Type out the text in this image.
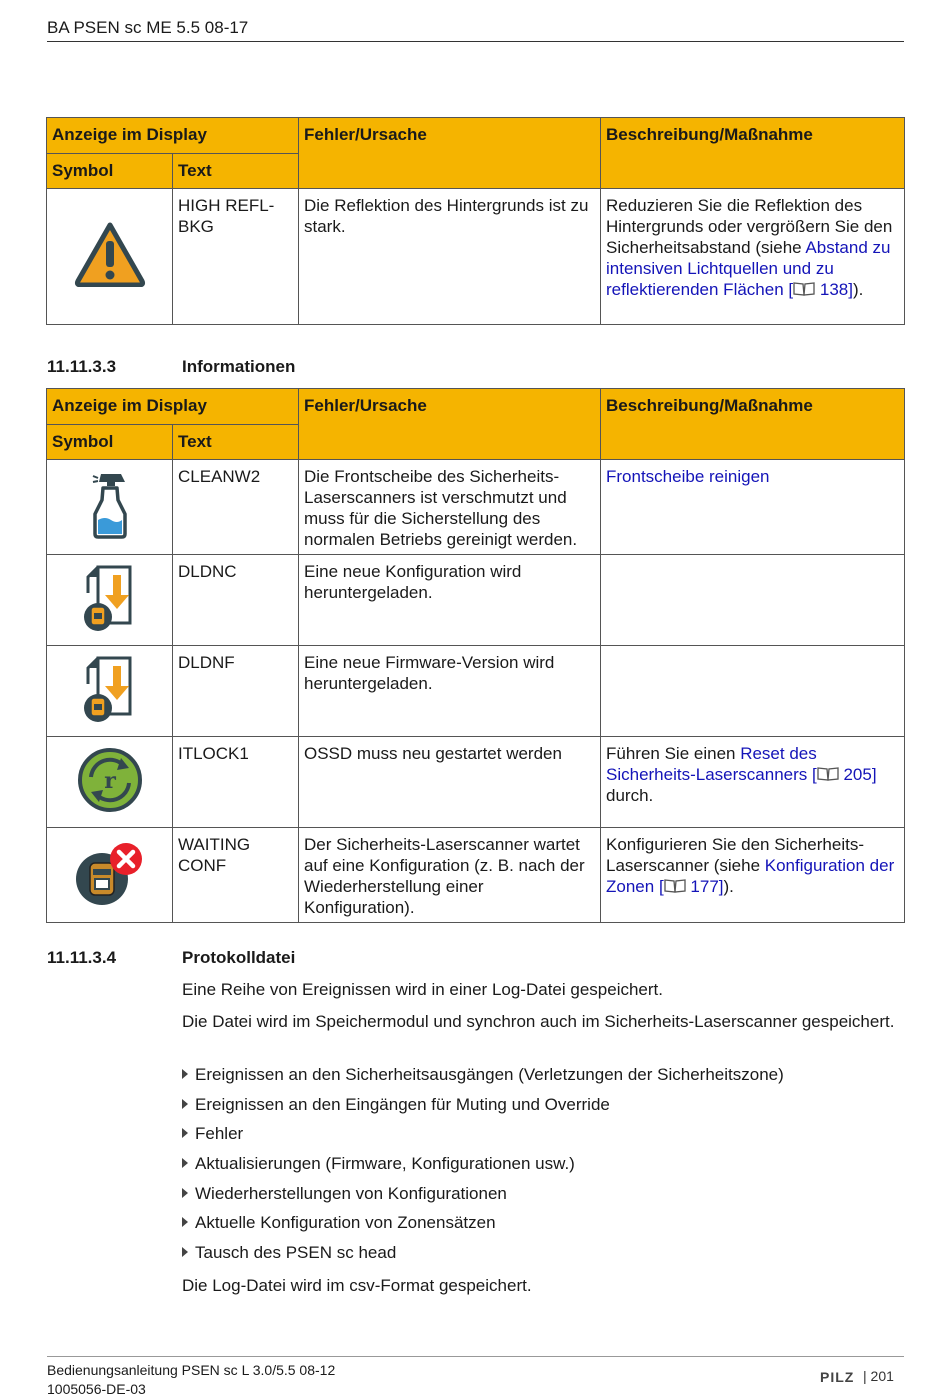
BA PSEN sc ME 5.5 08-17
Anzeige im Display		Fehler/Ursache	Beschreibung/Maßnahme
Symbol	Text		
	HIGH REFL-BKG	Die Reflektion des Hintergrunds ist zu stark.	Reduzieren Sie die Reflektion des Hintergrunds oder vergrößern Sie den Sicherheitsabstand (siehe Abstand zu intensiven Lichtquellen und zu reflektierenden Flächen [ 138]).
11.11.3.3	Informationen
Anzeige im Display		Fehler/Ursache	Beschreibung/Maßnahme
Symbol	Text		
	CLEANW2	Die Frontscheibe des Sicherheits-Laserscanners ist verschmutzt und muss für die Sicherstellung des normalen Betriebs gereinigt werden.	Frontscheibe reinigen
	DLDNC	Eine neue Konfiguration wird heruntergeladen.	
	DLDNF	Eine neue Firmware-Version wird heruntergeladen.	

r	ITLOCK1	OSSD muss neu gestartet werden	Führen Sie einen Reset des Sicherheits-Laserscanners [ 205] durch.
	WAITING CONF	Der Sicherheits-Laserscanner wartet auf eine Konfiguration (z. B. nach der Wiederherstellung einer Konfiguration).	Konfigurieren Sie den Sicherheits-Laserscanner (siehe Konfiguration der Zonen [ 177]).
11.11.3.4	Protokolldatei
Eine Reihe von Ereignissen wird in einer Log-Datei gespeichert.
Die Datei wird im Speichermodul und synchron auch im Sicherheits-Laserscanner gespeichert.
Ereignissen an den Sicherheitsausgängen (Verletzungen der Sicherheitszone)
Ereignissen an den Eingängen für Muting und Override
Fehler
Aktualisierungen (Firmware, Konfigurationen usw.)
Wiederherstellungen von Konfigurationen
Aktuelle Konfiguration von Zonensätzen
Tausch des PSEN sc head
Die Log-Datei wird im csv-Format gespeichert.
Bedienungsanleitung PSEN sc L 3.0/5.5 08-12
1005056-DE-03
PILZ | 201
